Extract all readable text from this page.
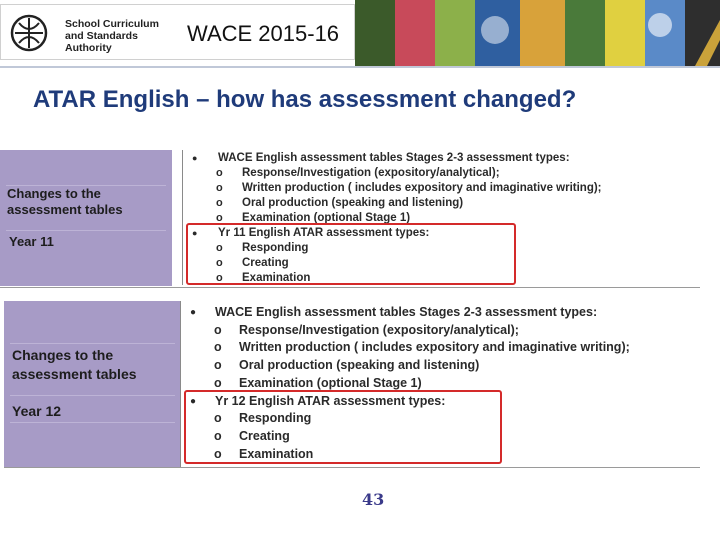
School Curriculum
and Standards
Authority
WACE 2015-16
ATAR English – how has assessment changed?
Changes to the assessment tables
Year 11
● WACE English assessment tables Stages 2-3 assessment types:
o Response/Investigation (expository/analytical);
o Written production ( includes expository and imaginative writing);
o Oral production (speaking and listening)
o Examination (optional Stage 1)
● Yr 11 English ATAR assessment types:
o Responding
o Creating
o Examination
Changes to the assessment tables
Year 12
● WACE English assessment tables Stages 2-3 assessment types:
o Response/Investigation (expository/analytical);
o Written production ( includes expository and imaginative writing);
o Oral production (speaking and listening)
o Examination (optional Stage 1)
● Yr 12 English ATAR assessment types:
o Responding
o Creating
o Examination
43
